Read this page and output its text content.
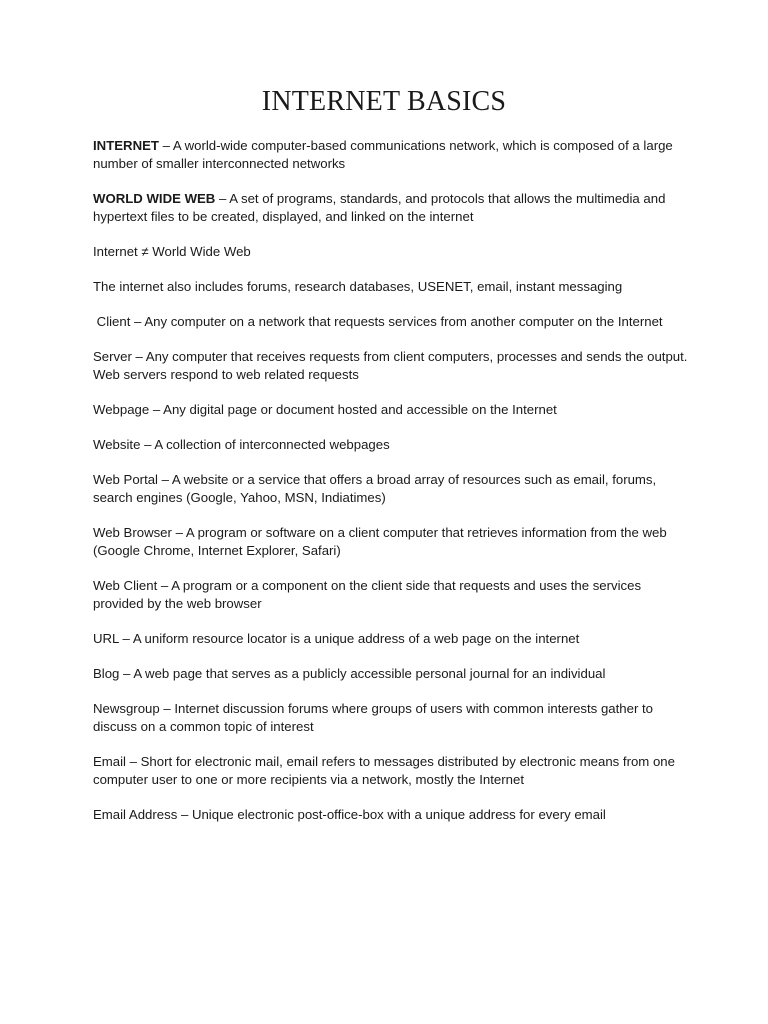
INTERNET BASICS

INTERNET – A world-wide computer-based communications network, which is composed of a large number of smaller interconnected networks

WORLD WIDE WEB – A set of programs, standards, and protocols that allows the multimedia and hypertext files to be created, displayed, and linked on the internet

Internet ≠ World Wide Web

The internet also includes forums, research databases, USENET, email, instant messaging

Client – Any computer on a network that requests services from another computer on the Internet

Server – Any computer that receives requests from client computers, processes and sends the output. Web servers respond to web related requests

Webpage – Any digital page or document hosted and accessible on the Internet

Website – A collection of interconnected webpages

Web Portal – A website or a service that offers a broad array of resources such as email, forums, search engines (Google, Yahoo, MSN, Indiatimes)

Web Browser – A program or software on a client computer that retrieves information from the web (Google Chrome, Internet Explorer, Safari)

Web Client – A program or a component on the client side that requests and uses the services provided by the web browser

URL – A uniform resource locator is a unique address of a web page on the internet

Blog – A web page that serves as a publicly accessible personal journal for an individual

Newsgroup – Internet discussion forums where groups of users with common interests gather to discuss on a common topic of interest

Email – Short for electronic mail, email refers to messages distributed by electronic means from one computer user to one or more recipients via a network, mostly the Internet

Email Address – Unique electronic post-office-box with a unique address for every email
